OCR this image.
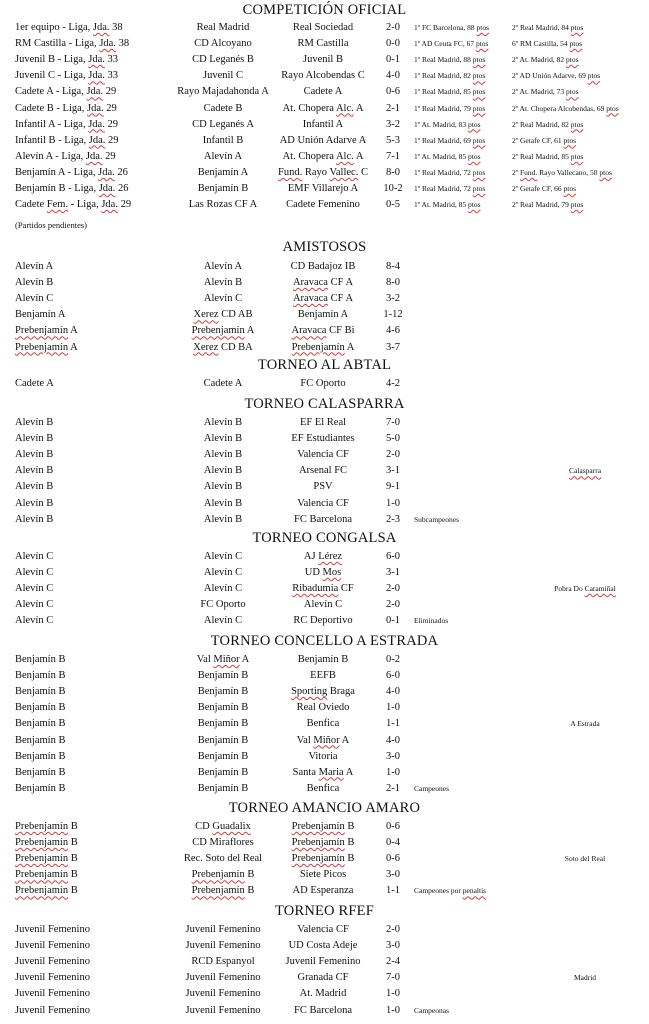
COMPETICIÓN OFICIAL
1er equipo - Liga, Jda. 38	Real Madrid	Real Sociedad	2-0	1º FC Barcelona, 88 ptos	2º Real Madrid, 84 ptos
RM Castilla - Liga, Jda. 38	CD Alcoyano	RM Castilla	0-0	1º AD Ceuta FC, 67 ptos	6º RM Castilla, 54 ptos
Juvenil B - Liga, Jda. 33	CD Leganés B	Juvenil B	0-1	1º Real Madrid, 88 ptos	2º At. Madrid, 82 ptos
Juvenil C - Liga, Jda. 33	Juvenil C	Rayo Alcobendas C	4-0	1º Real Madrid, 82 ptos	2º AD Unión Adarve, 69 ptos
Cadete A - Liga, Jda. 29	Rayo Majadahonda A	Cadete A	0-6	1º Real Madrid, 85 ptos	2º At. Madrid, 73 ptos
Cadete B - Liga, Jda. 29	Cadete B	At. Chopera Alc. A	2-1	1º Real Madrid, 79 ptos	2º At. Chopera Alcobendas, 69 ptos
Infantil A - Liga, Jda. 29	CD Leganés A	Infantil A	3-2	1º At. Madrid, 83 ptos	2º Real Madrid, 82 ptos
Infantil B - Liga, Jda. 29	Infantil B	AD Unión Adarve A	5-3	1º Real Madrid, 69 ptos	2º Getafe CF, 61 ptos
Alevín A - Liga, Jda. 29	Alevín A	At. Chopera Alc. A	7-1	1º At. Madrid, 85 ptos	2º Real Madrid, 85 ptos
Benjamín A - Liga, Jda. 26	Benjamín A	Fund. Rayo Vallec. C	8-0	1º Real Madrid, 72 ptos	2º Fund. Rayo Vallecano, 58 ptos
Benjamín B - Liga, Jda. 26	Benjamín B	EMF Villarejo A	10-2	1º Real Madrid, 72 ptos	2º Getafe CF, 66 ptos
Cadete Fem. - Liga, Jda. 29	Las Rozas CF A	Cadete Femenino	0-5	1º At. Madrid, 85 ptos	2º Real Madrid, 79 ptos
(Partidos pendientes)
AMISTOSOS
Alevín A	Alevín A	CD Badajoz IB	8-4
Alevín B	Alevín B	Aravaca CF A	8-0
Alevín C	Alevín C	Aravaca CF A	3-2
Benjamín A	Xerez CD AB	Benjamín A	1-12
Prebenjamín A	Prebenjamín A	Aravaca CF Bi	4-6
Prebenjamín A	Xerez CD BA	Prebenjamín A	3-7
TORNEO AL ABTAL
Cadete A	Cadete A	FC Oporto	4-2
TORNEO CALASPARRA
Alevín B	Alevín B	EF El Real	7-0
Alevín B	Alevín B	EF Estudiantes	5-0
Alevín B	Alevín B	Valencia CF	2-0
Alevín B	Alevín B	Arsenal FC	3-1	Calasparra
Alevín B	Alevín B	PSV	9-1
Alevín B	Alevín B	Valencia CF	1-0
Alevín B	Alevín B	FC Barcelona	2-3	Subcampeones
TORNEO CONGALSA
Alevín C	Alevín C	AJ Lérez	6-0
Alevín C	Alevín C	UD Mos	3-1
Alevín C	Alevín C	Ribadumia CF	2-0	Pobra Do Caramiñal
Alevín C	FC Oporto	Alevín C	2-0
Alevín C	Alevín C	RC Deportivo	0-1	Eliminados
TORNEO CONCELLO A ESTRADA
Benjamín B	Val Miñor A	Benjamín B	0-2
Benjamín B	Benjamín B	EEFB	6-0
Benjamín B	Benjamín B	Sporting Braga	4-0
Benjamín B	Benjamín B	Real Oviedo	1-0
Benjamín B	Benjamín B	Benfica	1-1	A Estrada
Benjamín B	Benjamín B	Val Miñor A	4-0
Benjamín B	Benjamín B	Vitoria	3-0
Benjamín B	Benjamín B	Santa Maria A	1-0
Benjamín B	Benjamín B	Benfica	2-1	Campeones
TORNEO AMANCIO AMARO
Prebenjamín B	CD Guadalix	Prebenjamín B	0-6
Prebenjamín B	CD Miraflores	Prebenjamín B	0-4
Prebenjamín B	Rec. Soto del Real	Prebenjamín B	0-6	Soto del Real
Prebenjamín B	Prebenjamín B	Siete Picos	3-0
Prebenjamín B	Prebenjamín B	AD Esperanza	1-1	Campeones por penaltis
TORNEO RFEF
Juvenil Femenino	Juvenil Femenino	Valencia CF	2-0
Juvenil Femenino	Juvenil Femenino	UD Costa Adeje	3-0
Juvenil Femenino	RCD Espanyol	Juvenil Femenino	2-4
Juvenil Femenino	Juvenil Femenino	Granada CF	7-0	Madrid
Juvenil Femenino	Juvenil Femenino	At. Madrid	1-0
Juvenil Femenino	Juvenil Femenino	FC Barcelona	1-0	Campeonas
